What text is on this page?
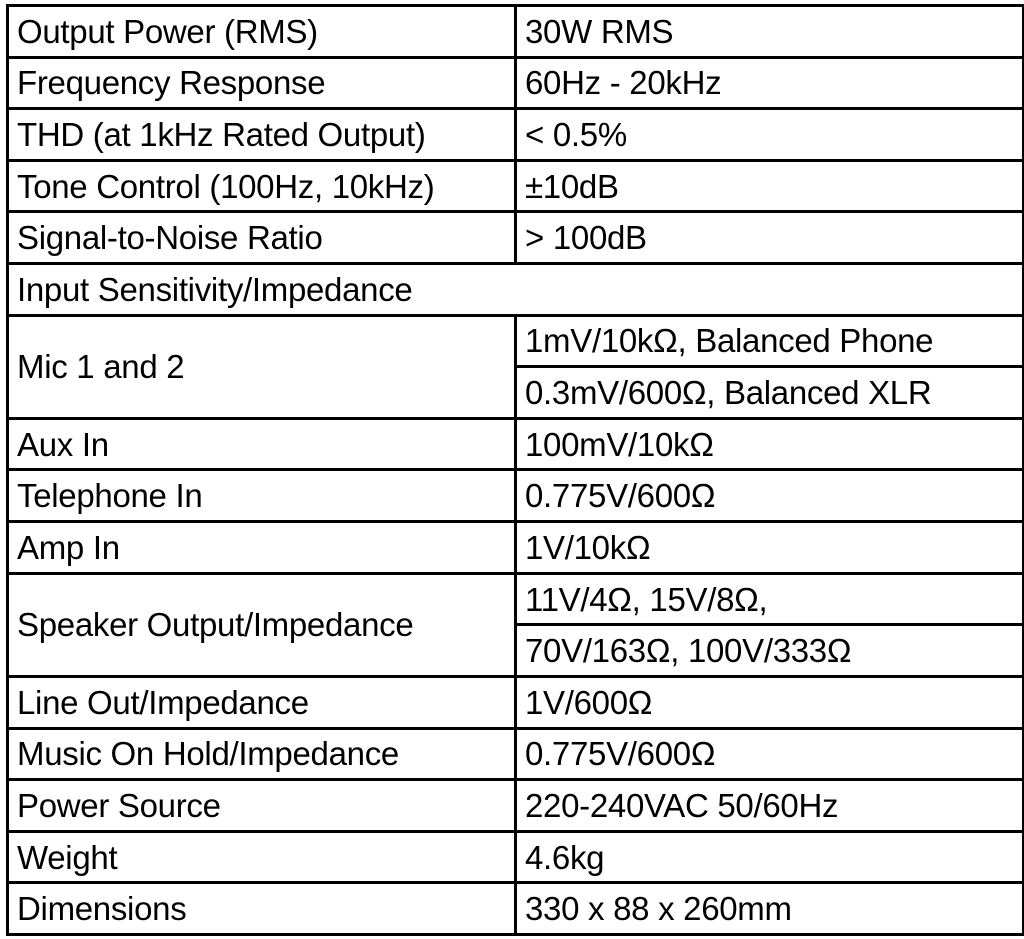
Output Power (RMS)	30W RMS
Frequency Response	60Hz - 20kHz
THD (at 1kHz Rated Output)	< 0.5%
Tone Control (100Hz, 10kHz)	±10dB
Signal-to-Noise Ratio	> 100dB
Input Sensitivity/Impedance	
Mic 1 and 2	1mV/10kΩ, Balanced Phone
	0.3mV/600Ω, Balanced XLR
Aux In	100mV/10kΩ
Telephone In	0.775V/600Ω
Amp In	1V/10kΩ
Speaker Output/Impedance	11V/4Ω, 15V/8Ω,
	70V/163Ω, 100V/333Ω
Line Out/Impedance	1V/600Ω
Music On Hold/Impedance	0.775V/600Ω
Power Source	220-240VAC 50/60Hz
Weight	4.6kg
Dimensions	330 x 88 x 260mm
